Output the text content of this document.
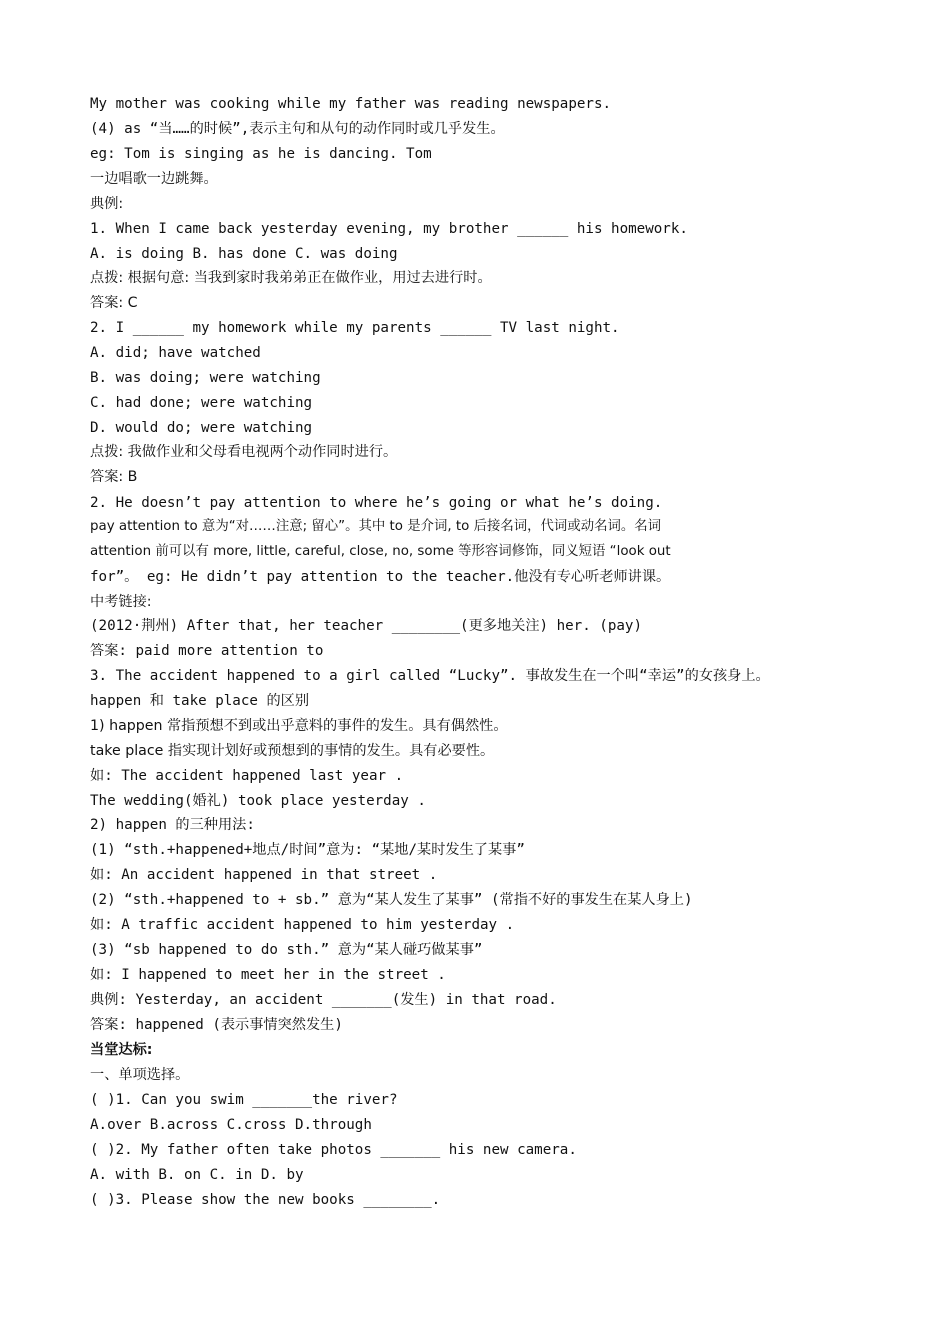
My mother was cooking while my father was reading newspapers.
(4) as “当……的时候”,表示主句和从句的动作同时或几乎发生。
eg: Tom is singing as he is dancing. Tom
一边唱歌一边跳舞。
典例:
1. When I came back yesterday evening, my brother ______ his homework.
A. is doing B. has done C. was doing
点拨: 根据句意: 当我到家时我弟弟正在做作业，用过去进行时。
答案: C
2. I ______ my homework while my parents ______ TV last night.
A. did; have watched
B. was doing; were watching
C. had done; were watching
D. would do; were watching
点拨: 我做作业和父母看电视两个动作同时进行。
答案: B
2. He doesn’t pay attention to where he’s going or what he’s doing.
pay attention to 意为“对……注意; 留心”。其中 to 是介词, to 后接名词，代词或动名词。名词
attention 前可以有 more, little, careful, close, no, some 等形容词修饰，同义短语 “look out
for”。 eg: He didn’t pay attention to the teacher.他没有专心听老师讲课。
中考链接:
(2012·荆州) After that, her teacher ________(更多地关注) her. (pay)
答案: paid more attention to
3. The accident happened to a girl called “Lucky”. 事故发生在一个叫“幸运”的女孩身上。
happen 和 take place 的区别
1) happen 常指预想不到或出乎意料的事件的发生。具有偶然性。
take place 指实现计划好或预想到的事情的发生。具有必要性。
如: The accident happened last year .
The wedding(婚礼) took place yesterday .
2) happen 的三种用法:
(1) “sth.+happened+地点/时间”意为: “某地/某时发生了某事”
如: An accident happened in that street .
(2) “sth.+happened to + sb.” 意为“某人发生了某事” (常指不好的事发生在某人身上)
如: A traffic accident happened to him yesterday .
(3) “sb happened to do sth.” 意为“某人碰巧做某事”
如: I happened to meet her in the street .
典例: Yesterday, an accident _______(发生) in that road.
答案: happened (表示事情突然发生)
当堂达标:
一、单项选择。
( )1. Can you swim _______the river?
A.over B.across C.cross D.through
( )2. My father often take photos _______ his new camera.
A. with B. on C. in D. by
( )3. Please show the new books ________.
